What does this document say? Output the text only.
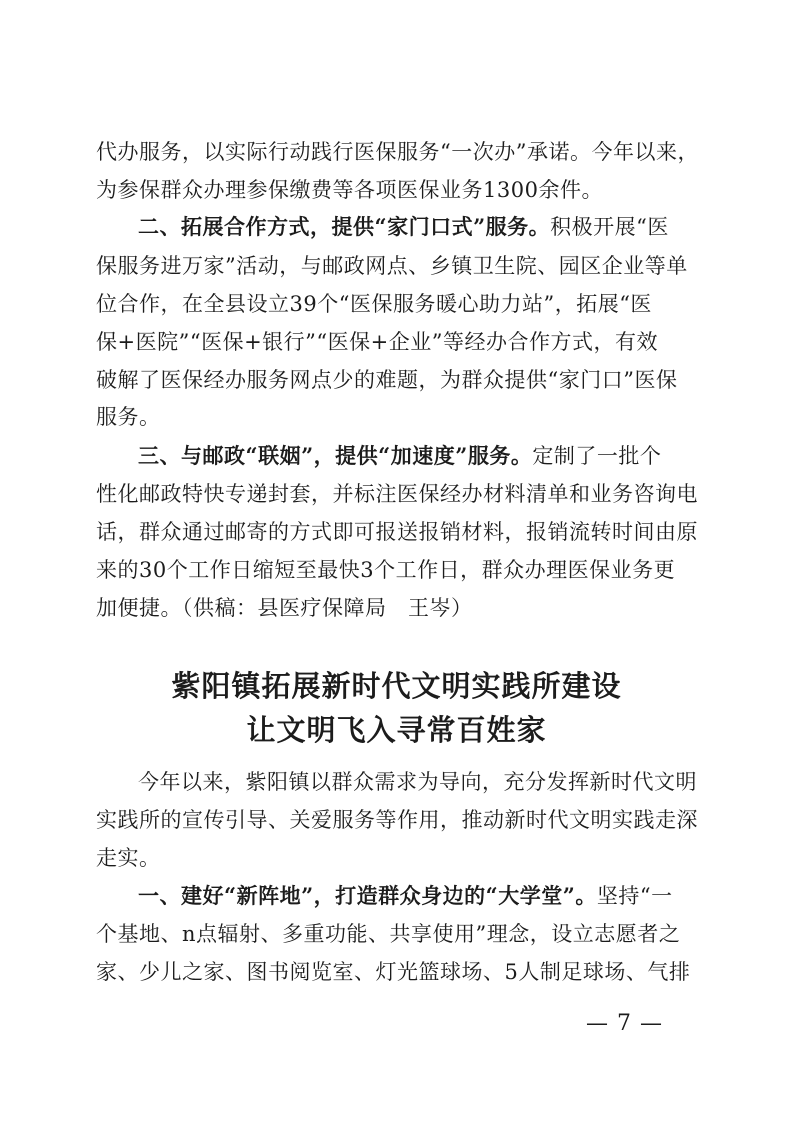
代办服务，以实际行动践行医保服务“一次办”承诺。今年以来，
为参保群众办理参保缴费等各项医保业务1300余件。
二、拓展合作方式，提供“家门口式”服务。积极开展“医
保服务进万家”活动，与邮政网点、乡镇卫生院、园区企业等单
位合作，在全县设立39个“医保服务暖心助力站”，拓展“医
保+医院”“医保+银行”“医保+企业”等经办合作方式，有效
破解了医保经办服务网点少的难题，为群众提供“家门口”医保
服务。
三、与邮政“联姻”，提供“加速度”服务。定制了一批个
性化邮政特快专递封套，并标注医保经办材料清单和业务咨询电
话，群众通过邮寄的方式即可报送报销材料，报销流转时间由原
来的30个工作日缩短至最快3个工作日，群众办理医保业务更
加便捷。（供稿：县医疗保障局　王岑）
紫阳镇拓展新时代文明实践所建设
让文明飞入寻常百姓家
今年以来，紫阳镇以群众需求为导向，充分发挥新时代文明
实践所的宣传引导、关爱服务等作用，推动新时代文明实践走深
走实。
一、建好“新阵地”，打造群众身边的“大学堂”。坚持“一
个基地、n点辐射、多重功能、共享使用”理念，设立志愿者之
家、少儿之家、图书阅览室、灯光篮球场、5人制足球场、气排
— 7 —
